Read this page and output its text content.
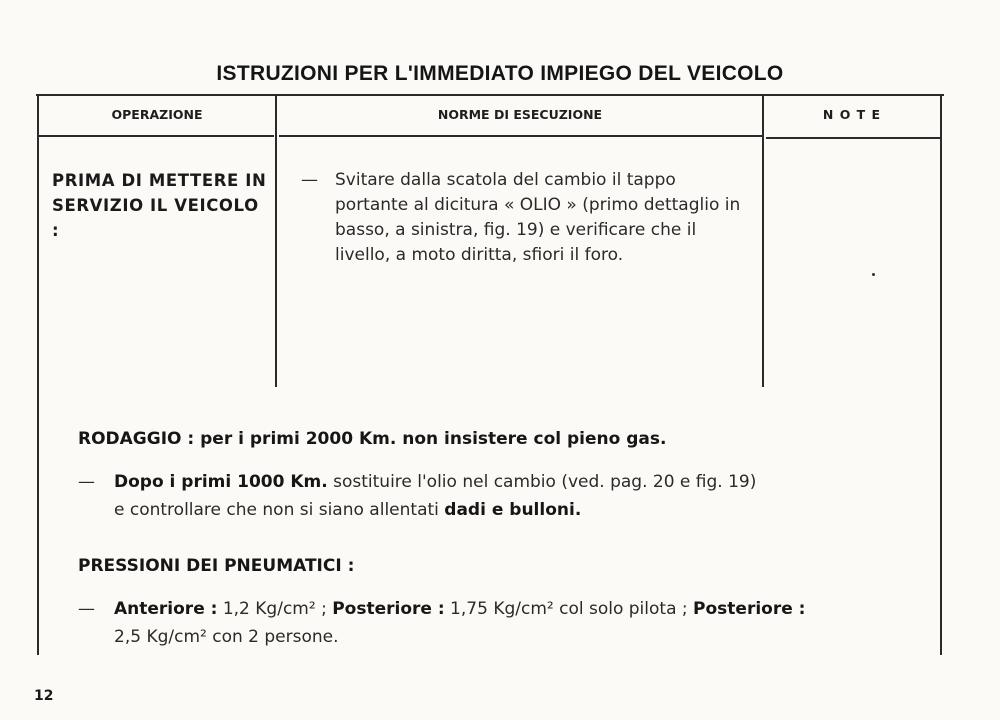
ISTRUZIONI PER L'IMMEDIATO IMPIEGO DEL VEICOLO
OPERAZIONE	NORME DI ESECUZIONE	N O T E
PRIMA DI METTERE IN SERVIZIO IL VEICOLO :
— Svitare dalla scatola del cambio il tappo portante al dicitura « OLIO » (primo dettaglio in basso, a sinistra, fig. 19) e verificare che il livello, a moto diritta, sfiori il foro.
RODAGGIO : per i primi 2000 Km. non insistere col pieno gas.
— Dopo i primi 1000 Km. sostituire l'olio nel cambio (ved. pag. 20 e fig. 19)
e controllare che non si siano allentati dadi e bulloni.
PRESSIONI DEI PNEUMATICI :
— Anteriore : 1,2 Kg/cm² ; Posteriore : 1,75 Kg/cm² col solo pilota ; Posteriore :
2,5 Kg/cm² con 2 persone.
12
